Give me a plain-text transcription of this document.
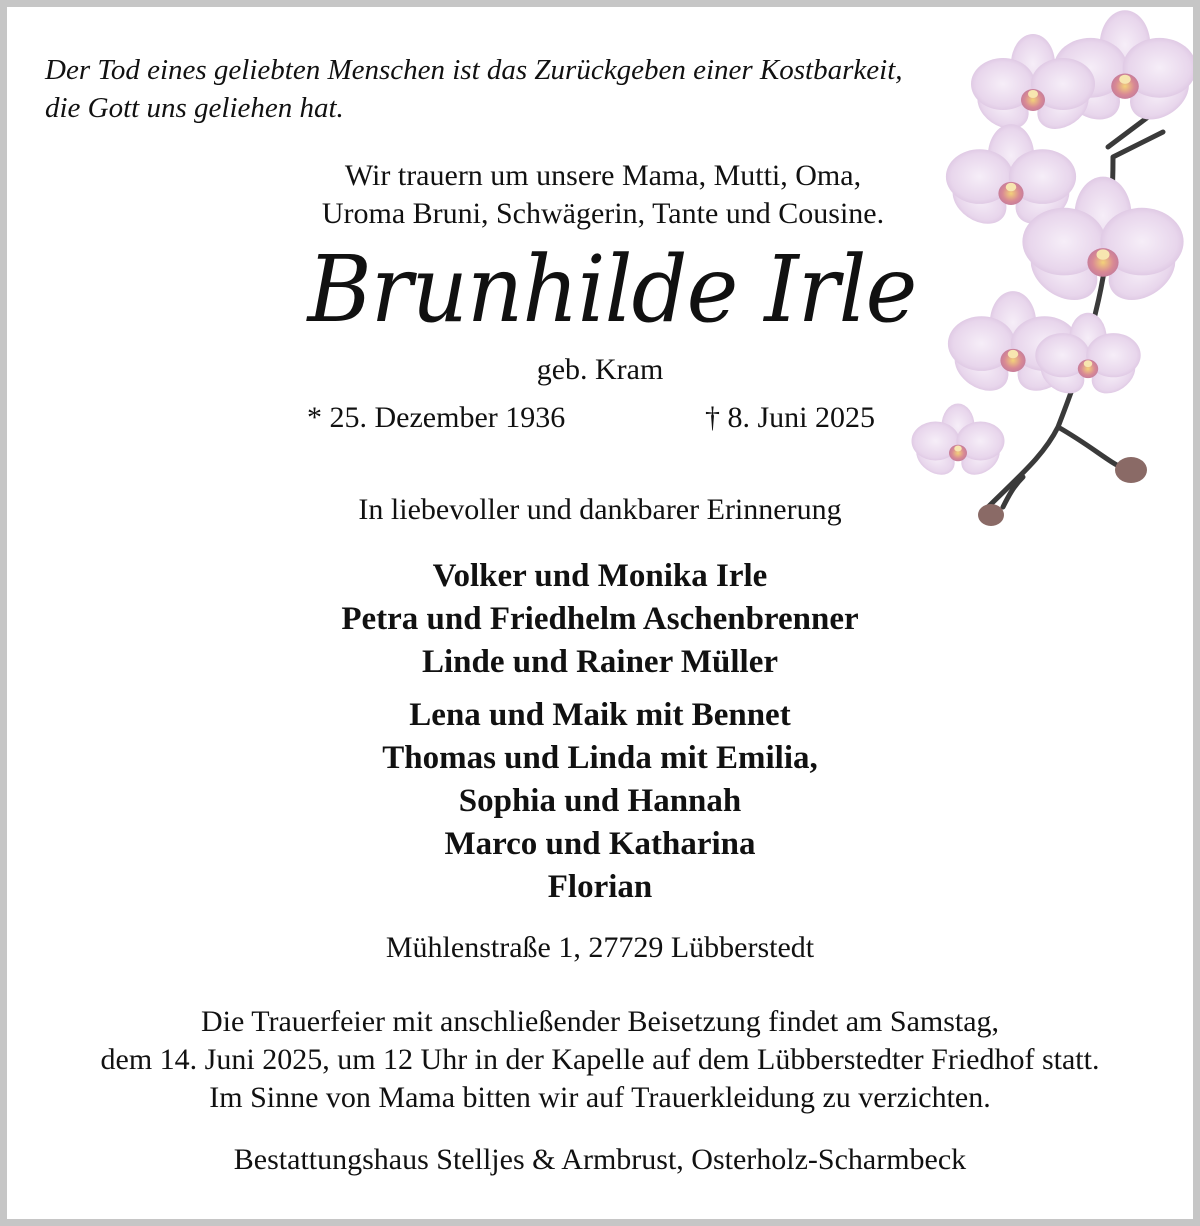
Der Tod eines geliebten Menschen ist das Zurückgeben einer Kostbarkeit,
die Gott uns geliehen hat.
Wir trauern um unsere Mama, Mutti, Oma,
Uroma Bruni, Schwägerin, Tante und Cousine.
Brunhilde Irle
geb. Kram
* 25. Dezember 1936	† 8. Juni 2025
In liebevoller und dankbarer Erinnerung
Volker und Monika Irle
Petra und Friedhelm Aschenbrenner
Linde und Rainer Müller
Lena und Maik mit Bennet
Thomas und Linda mit Emilia,
Sophia und Hannah
Marco und Katharina
Florian
Mühlenstraße 1, 27729 Lübberstedt
Die Trauerfeier mit anschließender Beisetzung findet am Samstag,
dem 14. Juni 2025, um 12 Uhr in der Kapelle auf dem Lübberstedter Friedhof statt.
Im Sinne von Mama bitten wir auf Trauerkleidung zu verzichten.
Bestattungshaus Stelljes & Armbrust, Osterholz-Scharmbeck
